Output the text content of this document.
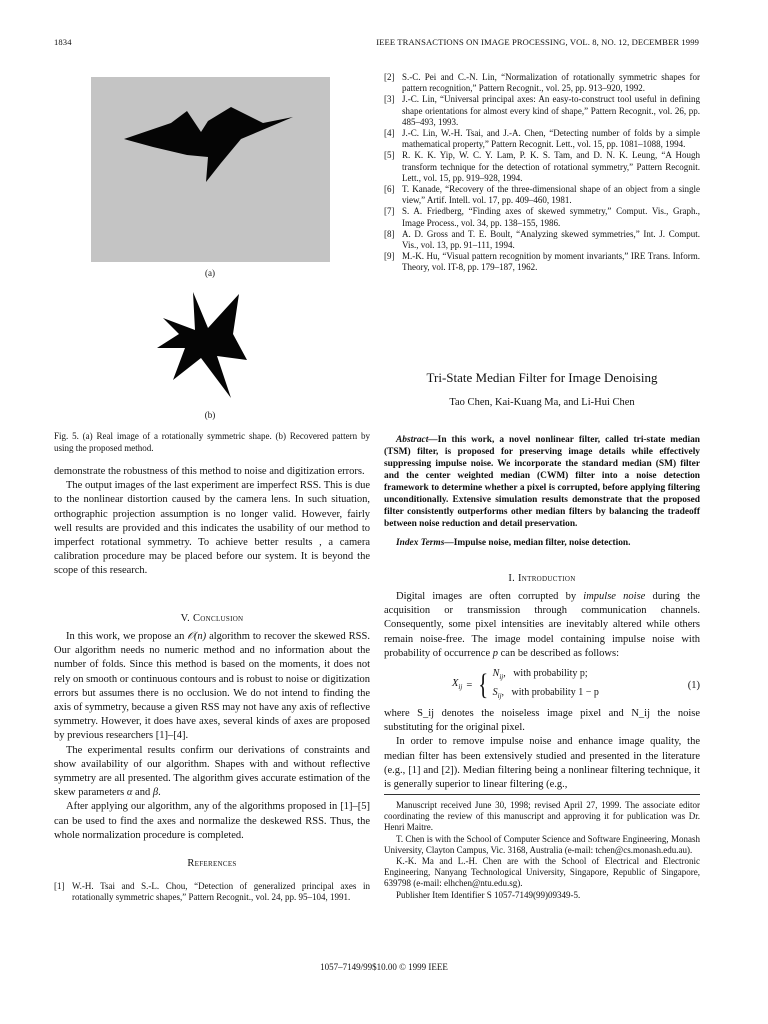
1834	IEEE TRANSACTIONS ON IMAGE PROCESSING, VOL. 8, NO. 12, DECEMBER 1999
(a)
(b)
Fig. 5. (a) Real image of a rotationally symmetric shape. (b) Recovered pattern by using the proposed method.

demonstrate the robustness of this method to noise and digitization errors.

The output images of the last experiment are imperfect RSS. This is due to the nonlinear distortion caused by the camera lens. In such situation, orthographic projection assumption is no longer valid. However, fairly well results are provided and this indicates the usability of our method to imperfect rotational symmetry. To achieve better results , a camera calibration procedure may be placed before our system. It is beyond the scope of this research.

V. Conclusion

In this work, we propose an 𝒪(n) algorithm to recover the skewed RSS. Our algorithm needs no numeric method and no information about the number of folds. Since this method is based on the moments, it does not rely on smooth or continuous contours and is robust to noise or digitization errors but assumes there is no occlusion. We do not intend to finding the axis of symmetry, because a given RSS may not have any axis of reflective symmetry. However, it does have axes, several kinds of axes are proposed by previous researchers [1]–[4].

The experimental results confirm our derivations of constraints and show availability of our algorithm. Shapes with and without reflective symmetry are all presented. The algorithm gives accurate estimation of the skew parameters α and β.

After applying our algorithm, any of the algorithms proposed in [1]–[5] can be used to find the axes and normalize the deskewed RSS. Thus, the whole normalization procedure is completed.

References
[1] W.-H. Tsai and S.-L. Chou, “Detection of generalized principal axes in rotationally symmetric shapes,” Pattern Recognit., vol. 24, pp. 95–104, 1991.
[2] S.-C. Pei and C.-N. Lin, “Normalization of rotationally symmetric shapes for pattern recognition,” Pattern Recognit., vol. 25, pp. 913–920, 1992.
[3] J.-C. Lin, “Universal principal axes: An easy-to-construct tool useful in defining shape orientations for almost every kind of shape,” Pattern Recognit., vol. 26, pp. 485–493, 1993.
[4] J.-C. Lin, W.-H. Tsai, and J.-A. Chen, “Detecting number of folds by a simple mathematical property,” Pattern Recognit. Lett., vol. 15, pp. 1081–1088, 1994.
[5] R. K. K. Yip, W. C. Y. Lam, P. K. S. Tam, and D. N. K. Leung, “A Hough transform technique for the detection of rotational symmetry,” Pattern Recognit. Lett., vol. 15, pp. 919–928, 1994.
[6] T. Kanade, “Recovery of the three-dimensional shape of an object from a single view,” Artif. Intell. vol. 17, pp. 409–460, 1981.
[7] S. A. Friedberg, “Finding axes of skewed symmetry,” Comput. Vis., Graph., Image Process., vol. 34, pp. 138–155, 1986.
[8] A. D. Gross and T. E. Boult, “Analyzing skewed symmetries,” Int. J. Comput. Vis., vol. 13, pp. 91–111, 1994.
[9] M.-K. Hu, “Visual pattern recognition by moment invariants,” IRE Trans. Inform. Theory, vol. IT-8, pp. 179–187, 1962.
Tri-State Median Filter for Image Denoising
Tao Chen, Kai-Kuang Ma, and Li-Hui Chen
Abstract—In this work, a novel nonlinear filter, called tri-state median (TSM) filter, is proposed for preserving image details while effectively suppressing impulse noise. We incorporate the standard median (SM) filter and the center weighted median (CWM) filter into a noise detection framework to determine whether a pixel is corrupted, before applying filtering unconditionally. Extensive simulation results demonstrate that the proposed filter consistently outperforms other median filters by balancing the tradeoff between noise reduction and detail preservation.
Index Terms—Impulse noise, median filter, noise detection.
I. Introduction

Digital images are often corrupted by impulse noise during the acquisition or transmission through communication channels. Consequently, some pixel intensities are inevitably altered while others remain noise-free. The image model containing impulse noise with probability of occurrence p can be described as follows:

$X_{ij}$ = { $N_{ij}$,   with probability p;
$S_{ij}$,   with probability 1 − p
(1)

where S_ij denotes the noiseless image pixel and N_ij the noise substituting for the original pixel.

In order to remove impulse noise and enhance image quality, the median filter has been extensively studied and presented in the literature (e.g., [1] and [2]). Median filtering being a nonlinear filtering technique, it is generally superior to linear filtering (e.g.,

Manuscript received June 30, 1998; revised April 27, 1999. The associate editor coordinating the review of this manuscript and approving it for publication was Dr. Henri Maitre.

T. Chen is with the School of Computer Science and Software Engineering, Monash University, Clayton Campus, Vic. 3168, Australia (e-mail: tchen@cs.monash.edu.au).

K.-K. Ma and L.-H. Chen are with the School of Electrical and Electronic Engineering, Nanyang Technological University, Singapore, Republic of Singapore, 639798 (e-mail: elhchen@ntu.edu.sg).

Publisher Item Identifier S 1057-7149(99)09349-5.

1057–7149/99$10.00 © 1999 IEEE
